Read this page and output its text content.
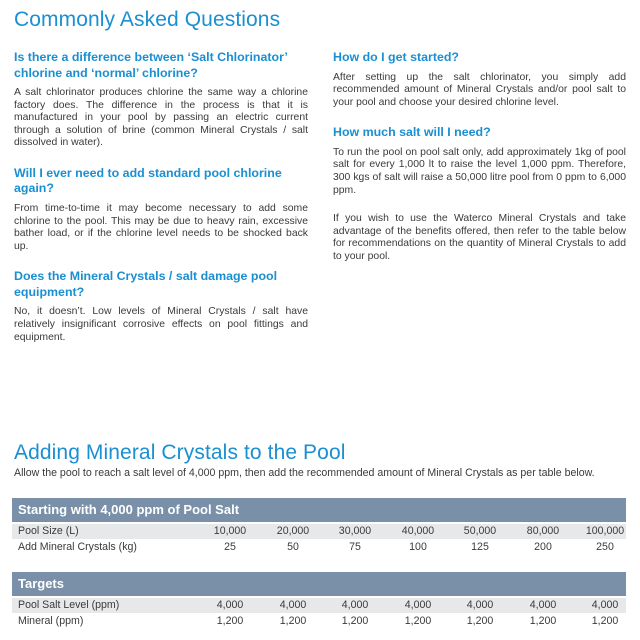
Commonly Asked Questions
Is there a difference between ‘Salt Chlorinator’ chlorine and ‘normal’ chlorine?
A salt chlorinator produces chlorine the same way a chlorine factory does. The difference in the process is that it is manufactured in your pool by passing an electric current through a solution of brine (common Mineral Crystals / salt dissolved in water).
Will I ever need to add standard pool chlorine again?
From time-to-time it may become necessary to add some chlorine to the pool. This may be due to heavy rain, excessive bather load, or if the chlorine level needs to be shocked back up.
Does the Mineral Crystals / salt damage pool equipment?
No, it doesn’t. Low levels of Mineral Crystals / salt have relatively insignificant corrosive effects on pool fittings and equipment.
How do I get started?
After setting up the salt chlorinator, you simply add recommended amount of Mineral Crystals and/or pool salt to your pool and choose your desired chlorine level.
How much salt will I need?
To run the pool on pool salt only, add approximately 1kg of pool salt for every 1,000 lt to raise the level 1,000 ppm. Therefore, 300 kgs of salt will raise a 50,000 litre pool from 0 ppm to 6,000 ppm.
If you wish to use the Waterco Mineral Crystals and take advantage of the benefits offered, then refer to the table below for recommendations on the quantity of Mineral Crystals to add to your pool.
Adding Mineral Crystals to the Pool

Allow the pool to reach a salt level of 4,000 ppm, then add the recommended amount of Mineral Crystals as per table below.

Starting with 4,000 ppm of Pool Salt
Pool Size (L)	10,000	20,000	30,000	40,000	50,000	80,000	100,000
Add Mineral Crystals (kg)	25	50	75	100	125	200	250
Targets
Pool Salt Level (ppm)	4,000	4,000	4,000	4,000	4,000	4,000	4,000
Mineral (ppm)	1,200	1,200	1,200	1,200	1,200	1,200	1,200
